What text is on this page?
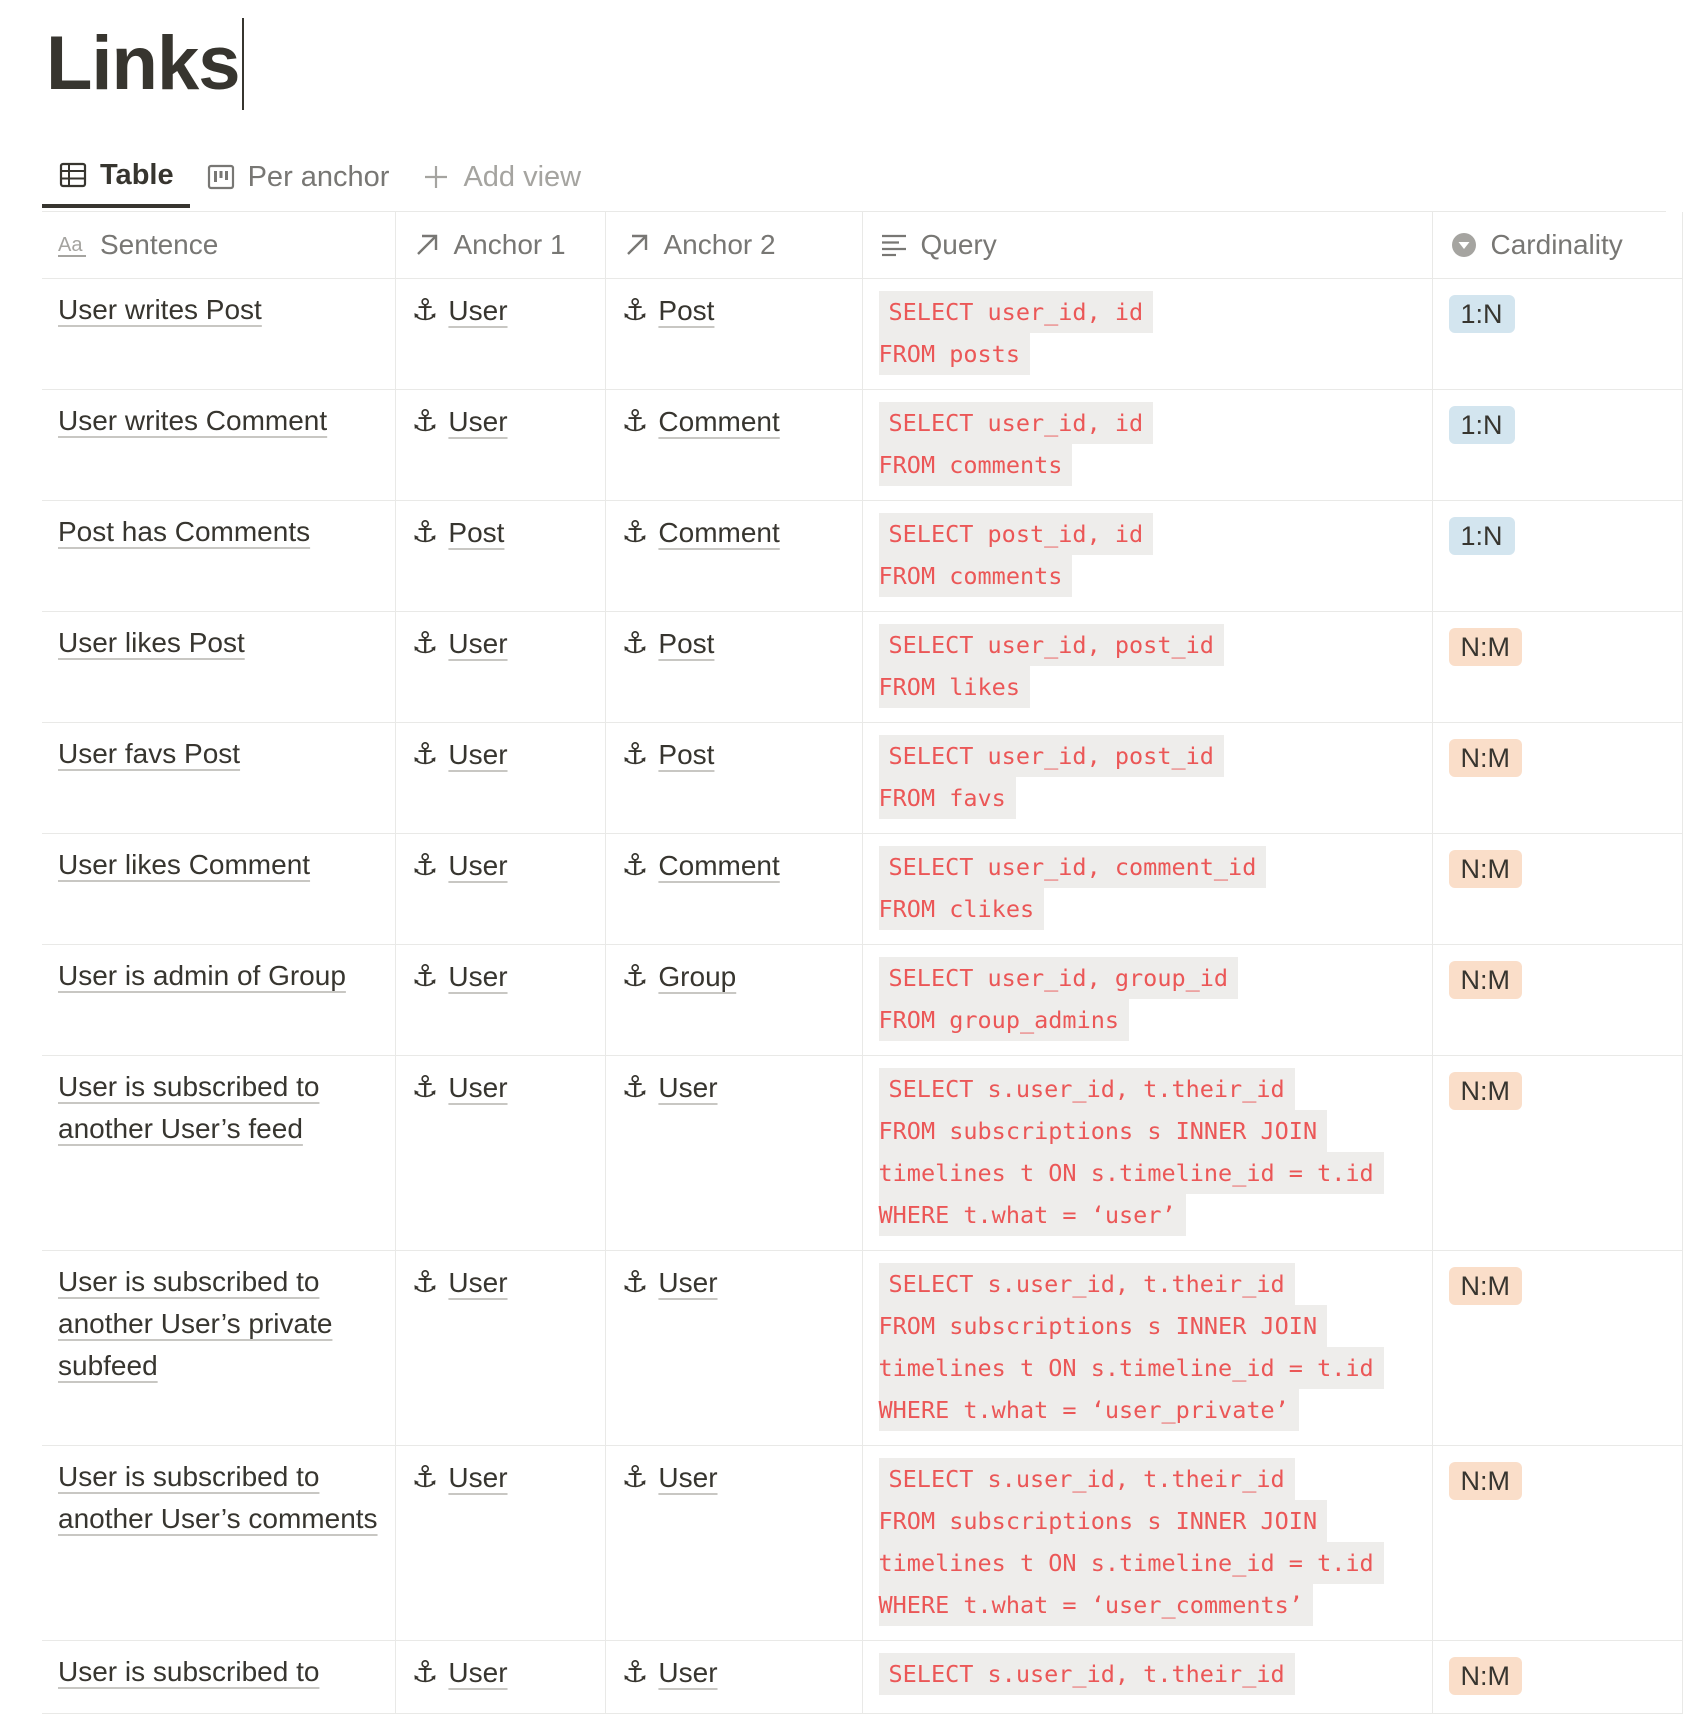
Links
Table	Per anchor	Add view
Aa Sentence	Anchor 1	Anchor 2	Query	Cardinality

User writes Post	⚓ User	⚓ Post	SELECT user_id, id
FROM posts	1:N

User writes Comment	⚓ User	⚓ Comment	SELECT user_id, id
FROM comments	1:N

Post has Comments	⚓ Post	⚓ Comment	SELECT post_id, id
FROM comments	1:N

User likes Post	⚓ User	⚓ Post	SELECT user_id, post_id
FROM likes	N:M

User favs Post	⚓ User	⚓ Post	SELECT user_id, post_id
FROM favs	N:M

User likes Comment	⚓ User	⚓ Comment	SELECT user_id, comment_id
FROM clikes	N:M

User is admin of Group	⚓ User	⚓ Group	SELECT user_id, group_id
FROM group_admins	N:M

User is subscribed to another User’s feed	⚓ User	⚓ User	SELECT s.user_id, t.their_id
FROM subscriptions s INNER JOIN
timelines t ON s.timeline_id = t.id
WHERE t.what = ‘user’	N:M

User is subscribed to another User’s private subfeed	⚓ User	⚓ User	SELECT s.user_id, t.their_id
FROM subscriptions s INNER JOIN
timelines t ON s.timeline_id = t.id
WHERE t.what = ‘user_private’	N:M

User is subscribed to another User’s comments	⚓ User	⚓ User	SELECT s.user_id, t.their_id
FROM subscriptions s INNER JOIN
timelines t ON s.timeline_id = t.id
WHERE t.what = ‘user_comments’	N:M

User is subscribed to	⚓ User	⚓ User	SELECT s.user_id, t.their_id	N:M
